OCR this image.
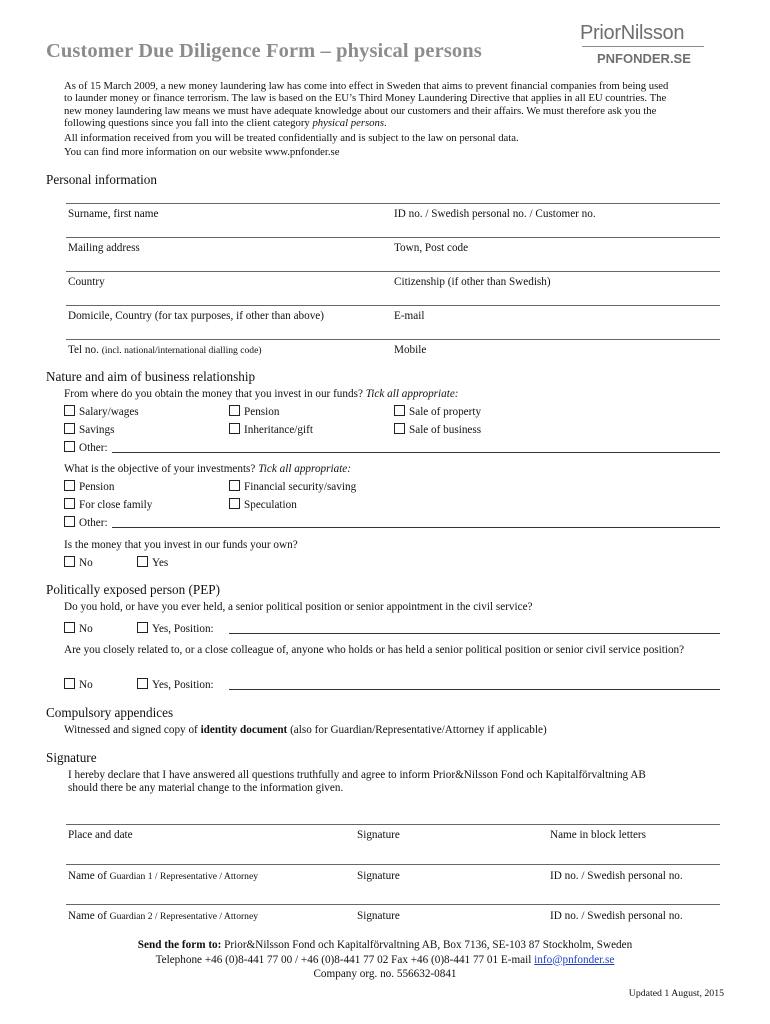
Customer Due Diligence Form – physical persons
PriorNilsson
PNFONDER.SE

As of 15 March 2009, a new money laundering law has come into effect in Sweden that aims to prevent financial companies from being used to launder money or finance terrorism. The law is based on the EU’s Third Money Laundering Directive that applies in all EU countries. The new money laundering law means we must have adequate knowledge about our customers and their affairs. We must therefore ask you the following questions since you fall into the client category physical persons.

All information received from you will be treated confidentially and is subject to the law on personal data.

You can find more information on our website www.pnfonder.se

Personal information
Surname, first name	ID no. / Swedish personal no. / Customer no.
Mailing address	Town, Post code
Country	Citizenship (if other than Swedish)
Domicile, Country (for tax purposes, if other than above)	E-mail
Tel no. (incl. national/international dialling code)	Mobile
Nature and aim of business relationship
From where do you obtain the money that you invest in our funds? Tick all appropriate:
Salary/wages	Pension	Sale of property
Savings	Inheritance/gift	Sale of business
Other:
What is the objective of your investments? Tick all appropriate:
Pension	Financial security/saving
For close family	Speculation
Other:
Is the money that you invest in our funds your own?
No	Yes
Politically exposed person (PEP)
Do you hold, or have you ever held, a senior political position or senior appointment in the civil service?
No	Yes, Position:
Are you closely related to, or a close colleague of, anyone who holds or has held a senior political position or senior civil service position?
No	Yes, Position:
Compulsory appendices
Witnessed and signed copy of identity document (also for Guardian/Representative/Attorney if applicable)
Signature
I hereby declare that I have answered all questions truthfully and agree to inform Prior&Nilsson Fond och Kapitalförvaltning AB should there be any material change to the information given.
Place and date	Signature	Name in block letters
Name of Guardian 1 / Representative / Attorney	Signature	ID no. / Swedish personal no.
Name of Guardian 2 / Representative / Attorney	Signature	ID no. / Swedish personal no.
Send the form to: Prior&Nilsson Fond och Kapitalförvaltning AB, Box 7136, SE-103 87 Stockholm, Sweden
Telephone +46 (0)8-441 77 00 / +46 (0)8-441 77 02 Fax +46 (0)8-441 77 01 E-mail info@pnfonder.se
Company org. no. 556632-0841
Updated 1 August, 2015
